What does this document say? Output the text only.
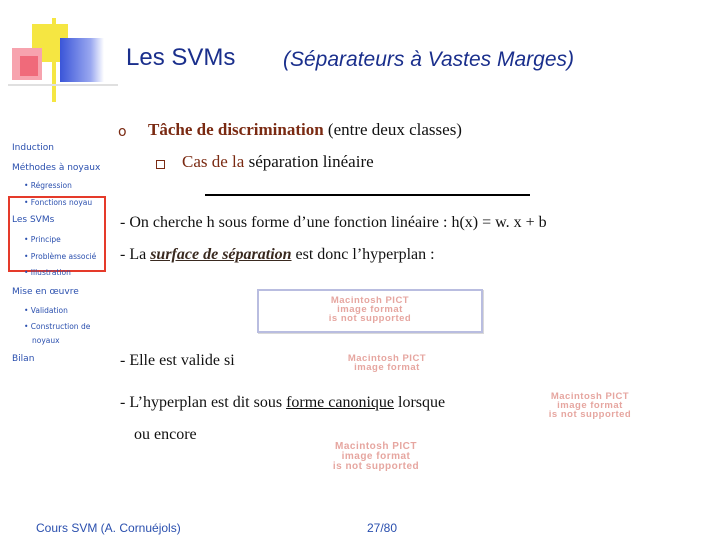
Les SVMs (Séparateurs à Vastes Marges)
Induction
Méthodes à noyaux
• Régression
• Fonctions noyau
Les SVMs
• Principe
• Problème associé
• Illustration
Mise en œuvre
• Validation
• Construction de
noyaux
Bilan
o Tâche de discrimination (entre deux classes)
Cas de la séparation linéaire
- On cherche h sous forme d’une fonction linéaire : h(x) = w. x + b
- La surface de séparation est donc l’hyperplan :
Macintosh PICT
image format
is not supported
- Elle est valide si	Macintosh PICT
image format
- L’hyperplan est dit sous forme canonique lorsque	Macintosh PICT
image format
is not supported
ou encore
Macintosh PICT
image format
is not supported
Cours SVM (A. Cornuéjols)	27/80
